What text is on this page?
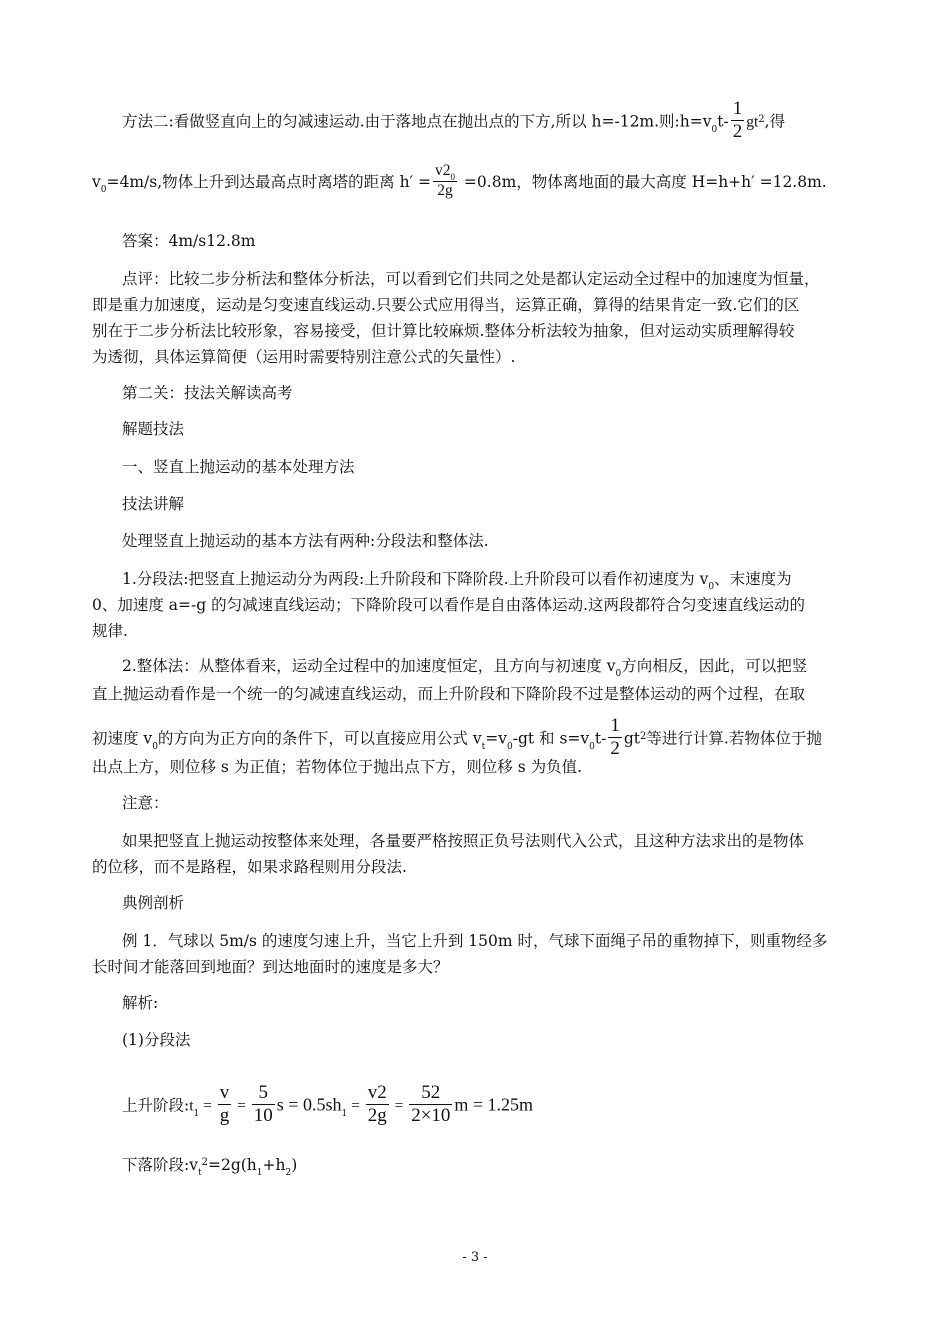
方法二:看做竖直向上的匀减速运动.由于落地点在抛出点的下方,所以 h=-12m.则$:h=v_0t- \frac{1}{2} gt^2$,得
$v_0=4m/s$,物体上升到达最高点时离塔的距离 $h' = \frac{v2_0}{2g} =0.8m$，物体离地面的最大高度 H=h+h′ =12.8m.
答案：4m/s12.8m
点评：比较二步分析法和整体分析法，可以看到它们共同之处是都认定运动全过程中的加速度为恒量，
即是重力加速度，运动是匀变速直线运动.只要公式应用得当，运算正确，算得的结果肯定一致.它们的区
别在于二步分析法比较形象，容易接受，但计算比较麻烦.整体分析法较为抽象，但对运动实质理解得较
为透彻，具体运算简便（运用时需要特别注意公式的矢量性）.
第二关：技法关解读高考
解题技法
一、竖直上抛运动的基本处理方法
技法讲解
处理竖直上抛运动的基本方法有两种:分段法和整体法.
1.分段法:把竖直上抛运动分为两段:上升阶段和下降阶段.上升阶段可以看作初速度为 $v_0$、末速度为
0、加速度 a=-g 的匀减速直线运动；下降阶段可以看作是自由落体运动.这两段都符合匀变速直线运动的
规律.
2.整体法：从整体看来，运动全过程中的加速度恒定，且方向与初速度 $v_0$方向相反，因此，可以把竖
直上抛运动看作是一个统一的匀减速直线运动，而上升阶段和下降阶段不过是整体运动的两个过程，在取
初速度 $v_0$的方向为正方向的条件下，可以直接应用公式 $v_t=v_0-gt$ 和 $s=v_0t- \frac{1}{2} gt^2$等进行计算.若物体位于抛
出点上方，则位移 s 为正值；若物体位于抛出点下方，则位移 s 为负值.
注意：
如果把竖直上抛运动按整体来处理，各量要严格按照正负号法则代入公式，且这种方法求出的是物体
的位移，而不是路程，如果求路程则用分段法.
典例剖析
例 1．气球以 5m/s 的速度匀速上升，当它上升到 150m 时，气球下面绳子吊的重物掉下，则重物经多
长时间才能落回到地面？到达地面时的速度是多大？
解析:
(1)分段法
上升阶段$:t_1 = \frac{v}{g} = \frac{5}{10}$ $s = 0.5sh_1 = \frac{v2}{2g} = \frac{52}{2\times 10}$ m = 1.25m
下落阶段$:v_t^2=2g(h_1+h_2)$
- 3 -
